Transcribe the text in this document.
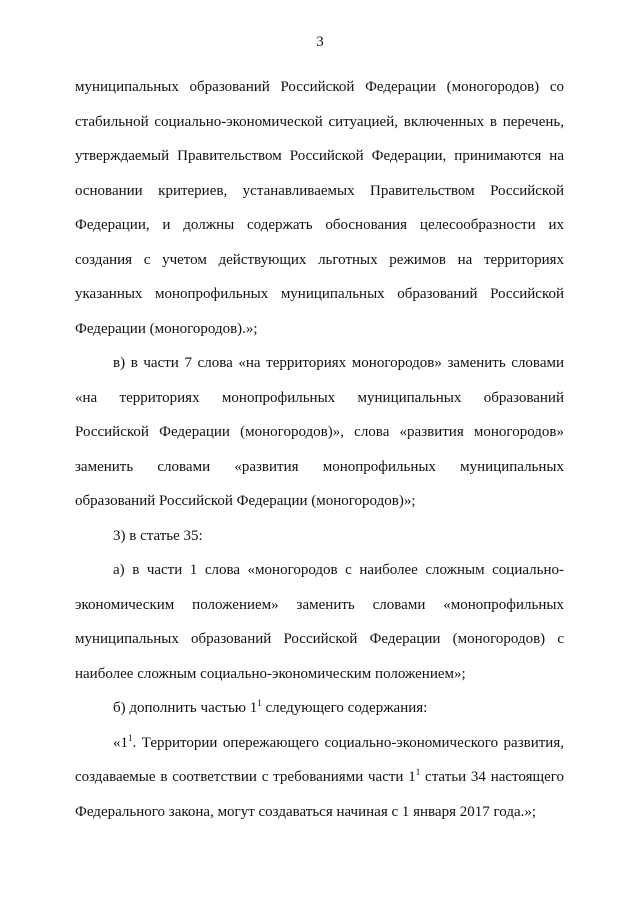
3

муниципальных образований Российской Федерации (моногородов) со стабильной социально-экономической ситуацией, включенных в перечень, утверждаемый Правительством Российской Федерации, принимаются на основании критериев, устанавливаемых Правительством Российской Федерации, и должны содержать обоснования целесообразности их создания с учетом действующих льготных режимов на территориях указанных монопрофильных муниципальных образований Российской Федерации (моногородов).»;

в) в части 7 слова «на территориях моногородов» заменить словами «на территориях монопрофильных муниципальных образований Российской Федерации (моногородов)», слова «развития моногородов» заменить словами «развития монопрофильных муниципальных образований Российской Федерации (моногородов)»;

3) в статье 35:

а) в части 1 слова «моногородов с наиболее сложным социально-экономическим положением» заменить словами «монопрофильных муниципальных образований Российской Федерации (моногородов) с наиболее сложным социально-экономическим положением»;

б) дополнить частью $1^1$ следующего содержания:

«$1^1$. Территории опережающего социально-экономического развития, создаваемые в соответствии с требованиями части $1^1$ статьи 34 настоящего Федерального закона, могут создаваться начиная с 1 января 2017 года.»;
